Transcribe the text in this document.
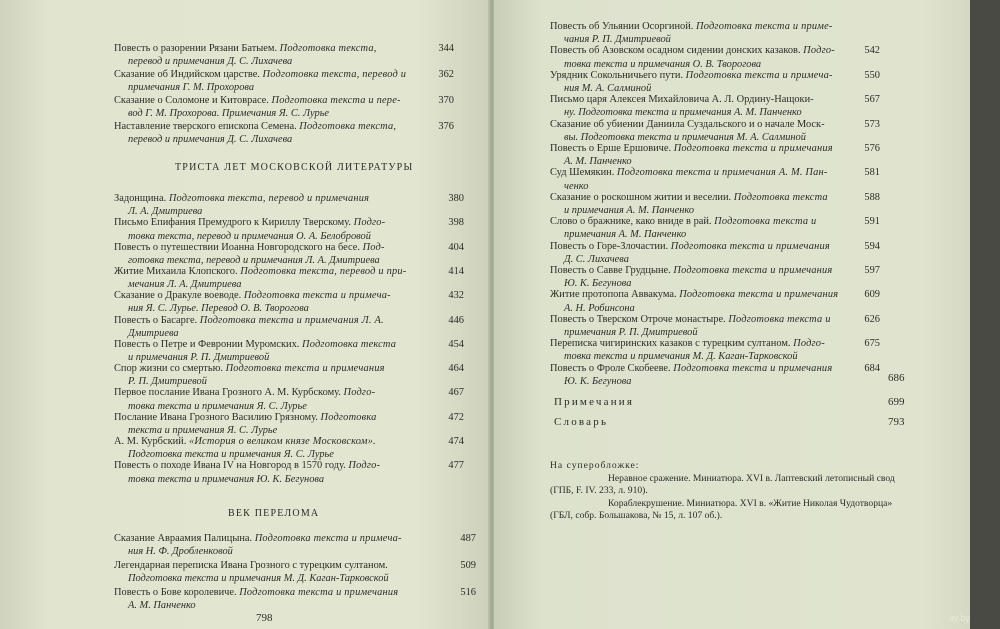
Повесть о разорении Рязани Батыем. Подготовка текста,
перевод и примечания Д. С. Лихачева
344
Сказание об Индийском царстве. Подготовка текста, перевод и
примечания Г. М. Прохорова
362
Сказание о Соломоне и Китоврасе. Подготовка текста и пере-
вод Г. М. Прохорова. Примечания Я. С. Лурье
370
Наставление тверского епископа Семена. Подготовка текста,
перевод и примечания Д. С. Лихачева
376
ТРИСТА ЛЕТ МОСКОВСКОЙ ЛИТЕРАТУРЫ
Задонщина. Подготовка текста, перевод и примечания
Л. А. Дмитриева
380
Письмо Епифания Премудрого к Кириллу Тверскому. Подго-
товка текста, перевод и примечания О. А. Белобровой
398
Повесть о путешествии Иоанна Новгородского на бесе. Под-
готовка текста, перевод и примечания Л. А. Дмитриева
404
Житие Михаила Клопского. Подготовка текста, перевод и при-
мечания Л. А. Дмитриева
414
Сказание о Дракуле воеводе. Подготовка текста и примеча-
ния Я. С. Лурье. Перевод О. В. Творогова
432
Повесть о Басарге. Подготовка текста и примечания Л. А.
Дмитриева
446
Повесть о Петре и Февронии Муромских. Подготовка текста
и примечания Р. П. Дмитриевой
454
Спор жизни со смертью. Подготовка текста и примечания
Р. П. Дмитриевой
464
Первое послание Ивана Грозного А. М. Курбскому. Подго-
товка текста и примечания Я. С. Лурье
467
Послание Ивана Грозного Василию Грязному. Подготовка
текста и примечания Я. С. Лурье
472
А. М. Курбский. «История о великом князе Московском».
Подготовка текста и примечания Я. С. Лурье
474
Повесть о походе Ивана IV на Новгород в 1570 году. Подго-
товка текста и примечания Ю. К. Бегунова
477
ВЕК ПЕРЕЛОМА
Сказание Авраамия Палицына. Подготовка текста и примеча-
ния Н. Ф. Дробленковой
487
Легендарная переписка Ивана Грозного с турецким султаном.
Подготовка текста и примечания М. Д. Каган-Тарковской
509
Повесть о Бове королевиче. Подготовка текста и примечания
А. М. Панченко
516
798
Повесть об Ульянии Осоргиной. Подготовка текста и приме-
чания Р. П. Дмитриевой
Повесть об Азовском осадном сидении донских казаков. Подго-
товка текста и примечания О. В. Творогова
542
Урядник Сокольничьего пути. Подготовка текста и примеча-
ния М. А. Салминой
550
Письмо царя Алексея Михайловича А. Л. Ордину-Нащоки-
ну. Подготовка текста и примечания А. М. Панченко
567
Сказание об убиении Даниила Суздальского и о начале Моск-
вы. Подготовка текста и примечания М. А. Салминой
573
Повесть о Ерше Ершовиче. Подготовка текста и примечания
А. М. Панченко
576
Суд Шемякин. Подготовка текста и примечания А. М. Пан-
ченко
581
Сказание о роскошном житии и веселии. Подготовка текста
и примечания А. М. Панченко
588
Слово о бражнике, како вниде в рай. Подготовка текста и
примечания А. М. Панченко
591
Повесть о Горе-Злочастии. Подготовка текста и примечания
Д. С. Лихачева
594
Повесть о Савве Грудцыне. Подготовка текста и примечания
Ю. К. Бегунова
597
Житие протопопа Аввакума. Подготовка текста и примечания
А. Н. Робинсона
609
Повесть о Тверском Отроче монастыре. Подготовка текста и
примечания Р. П. Дмитриевой
626
Переписка чигиринских казаков с турецким султаном. Подго-
товка текста и примечания М. Д. Каган-Тарковской
675
Повесть о Фроле Скобееве. Подготовка текста и примечания
Ю. К. Бегунова
684
686
Примечания	699
Словарь	793
На суперобложке:
Неравное сражение. Миниатюра. XVI в. Лаптевский летописный свод
(ГПБ, F. IV. 233, л. 910).
Кораблекрушение. Миниатюра. XVI в. «Житие Николая Чудотворца»
(ГБЛ, собр. Большакова, № 15, л. 107 об.).
ay.by
